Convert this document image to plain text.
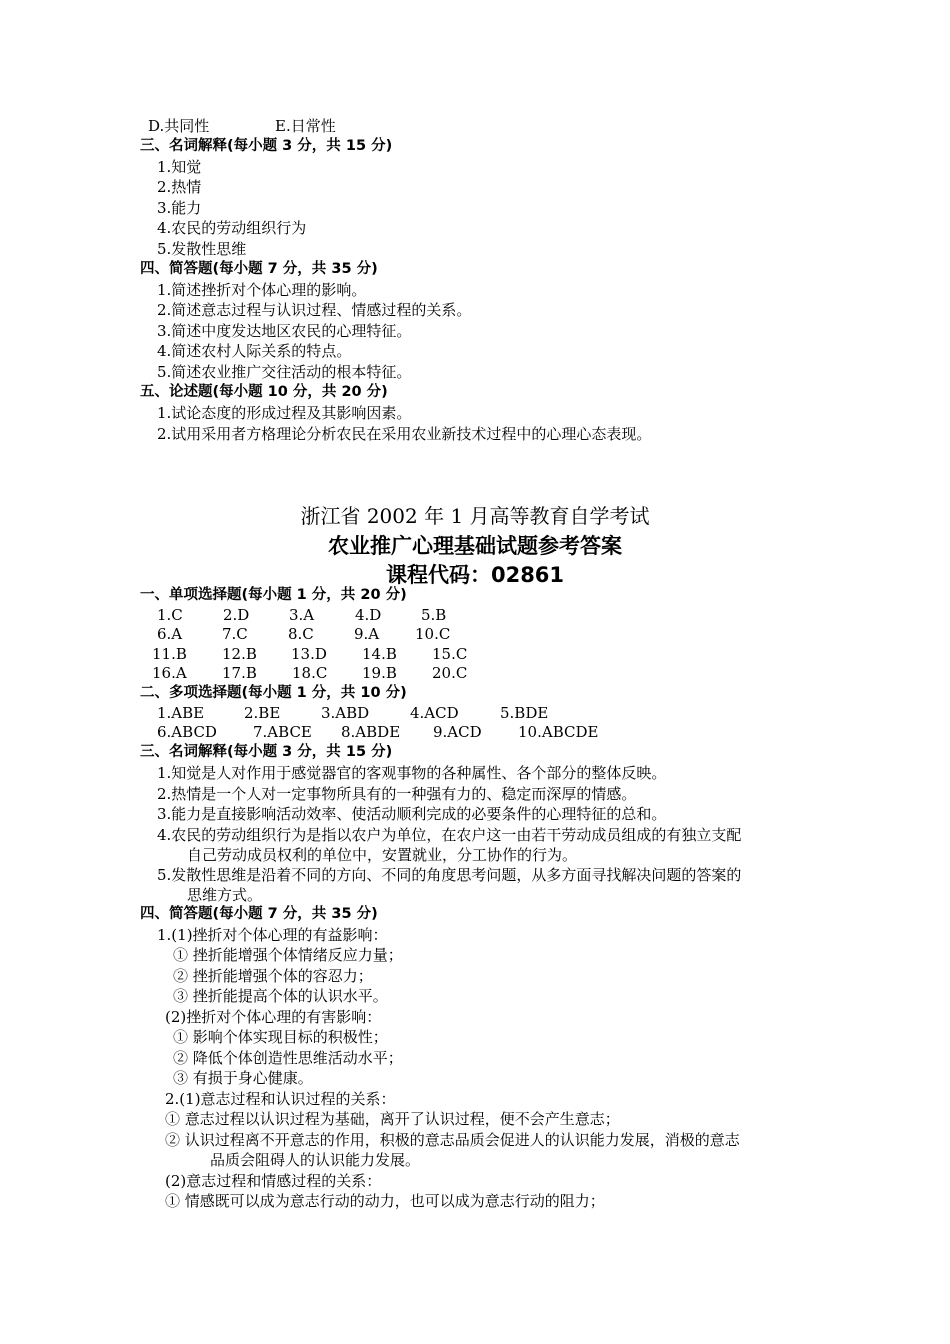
D.共同性	E.日常性
三、名词解释(每小题 3 分，共 15 分)
1.知觉
2.热情
3.能力
4.农民的劳动组织行为
5.发散性思维
四、简答题(每小题 7 分，共 35 分)
1.简述挫折对个体心理的影响。
2.简述意志过程与认识过程、情感过程的关系。
3.简述中度发达地区农民的心理特征。
4.简述农村人际关系的特点。
5.简述农业推广交往活动的根本特征。
五、论述题(每小题 10 分，共 20 分)
1.试论态度的形成过程及其影响因素。
2.试用采用者方格理论分析农民在采用农业新技术过程中的心理心态表现。
浙江省 2002 年 1 月高等教育自学考试
农业推广心理基础试题参考答案
课程代码：02861
一、单项选择题(每小题 1 分，共 20 分)
1.C	2.D	3.A	4.D	5.B
6.A	7.C	8.C	9.A 10.C
11.B 12.B 13.D 14.B 15.C
16.A 17.B 18.C 19.B 20.C
二、多项选择题(每小题 1 分，共 10 分)
1.ABE	2.BE	3.ABD	4.ACD	5.BDE
6.ABCD 7.ABCE 8.ABDE 9.ACD 10.ABCDE
三、名词解释(每小题 3 分，共 15 分)
1.知觉是人对作用于感觉器官的客观事物的各种属性、各个部分的整体反映。
2.热情是一个人对一定事物所具有的一种强有力的、稳定而深厚的情感。
3.能力是直接影响活动效率、使活动顺利完成的必要条件的心理特征的总和。
4.农民的劳动组织行为是指以农户为单位，在农户这一由若干劳动成员组成的有独立支配
自己劳动成员权利的单位中，安置就业，分工协作的行为。
5.发散性思维是沿着不同的方向、不同的角度思考问题，从多方面寻找解决问题的答案的
思维方式。
四、简答题(每小题 7 分，共 35 分)
1.(1)挫折对个体心理的有益影响：
① 挫折能增强个体情绪反应力量；
② 挫折能增强个体的容忍力；
③ 挫折能提高个体的认识水平。
(2)挫折对个体心理的有害影响：
① 影响个体实现目标的积极性；
② 降低个体创造性思维活动水平；
③ 有损于身心健康。
2.(1)意志过程和认识过程的关系：
① 意志过程以认识过程为基础，离开了认识过程，便不会产生意志；
② 认识过程离不开意志的作用，积极的意志品质会促进人的认识能力发展，消极的意志
品质会阻碍人的认识能力发展。
(2)意志过程和情感过程的关系：
① 情感既可以成为意志行动的动力，也可以成为意志行动的阻力；
